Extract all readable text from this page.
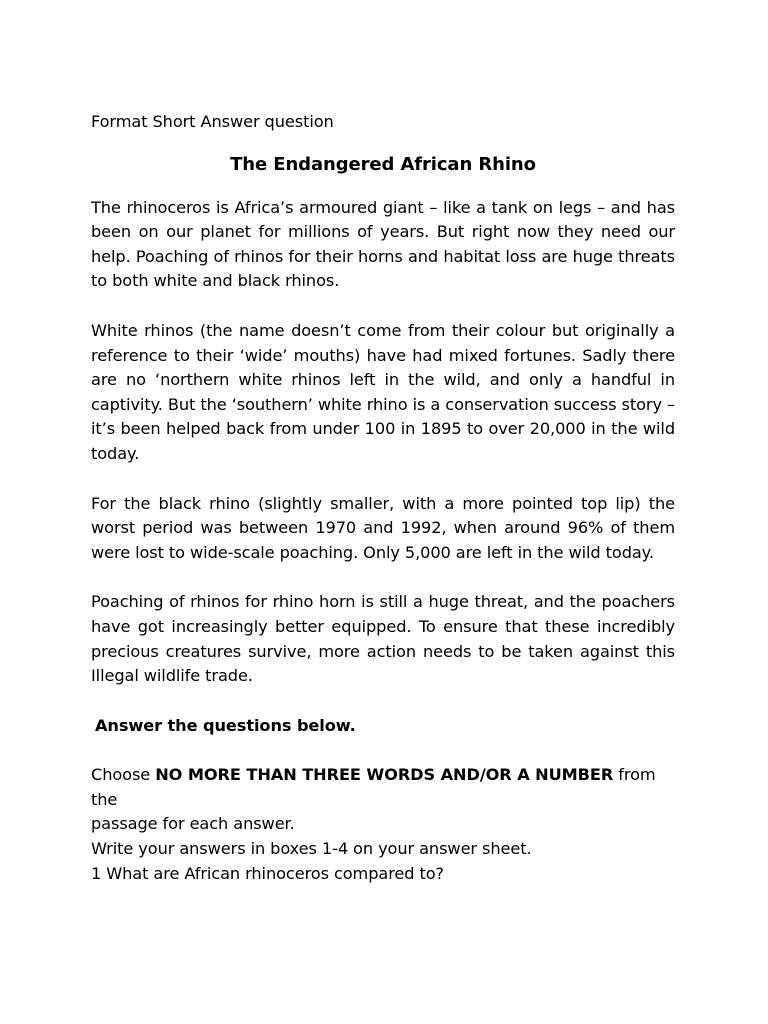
Format Short Answer question

The Endangered African Rhino

The rhinoceros is Africa’s armoured giant – like a tank on legs – and has been on our planet for millions of years. But right now they need our help. Poaching of rhinos for their horns and habitat loss are huge threats to both white and black rhinos.

White rhinos (the name doesn’t come from their colour but originally a reference to their ‘wide’ mouths) have had mixed fortunes. Sadly there are no ‘northern white rhinos left in the wild, and only a handful in captivity. But the ‘southern’ white rhino is a conservation success story – it’s been helped back from under 100 in 1895 to over 20,000 in the wild today.

For the black rhino (slightly smaller, with a more pointed top lip) the worst period was between 1970 and 1992, when around 96% of them were lost to wide-scale poaching. Only 5,000 are left in the wild today.

Poaching of rhinos for rhino horn is still a huge threat, and the poachers have got increasingly better equipped. To ensure that these incredibly precious creatures survive, more action needs to be taken against this Illegal wildlife trade.

Answer the questions below.

Choose NO MORE THAN THREE WORDS AND/OR A NUMBER from the

passage for each answer.

Write your answers in boxes 1-4 on your answer sheet.

1 What are African rhinoceros compared to?
